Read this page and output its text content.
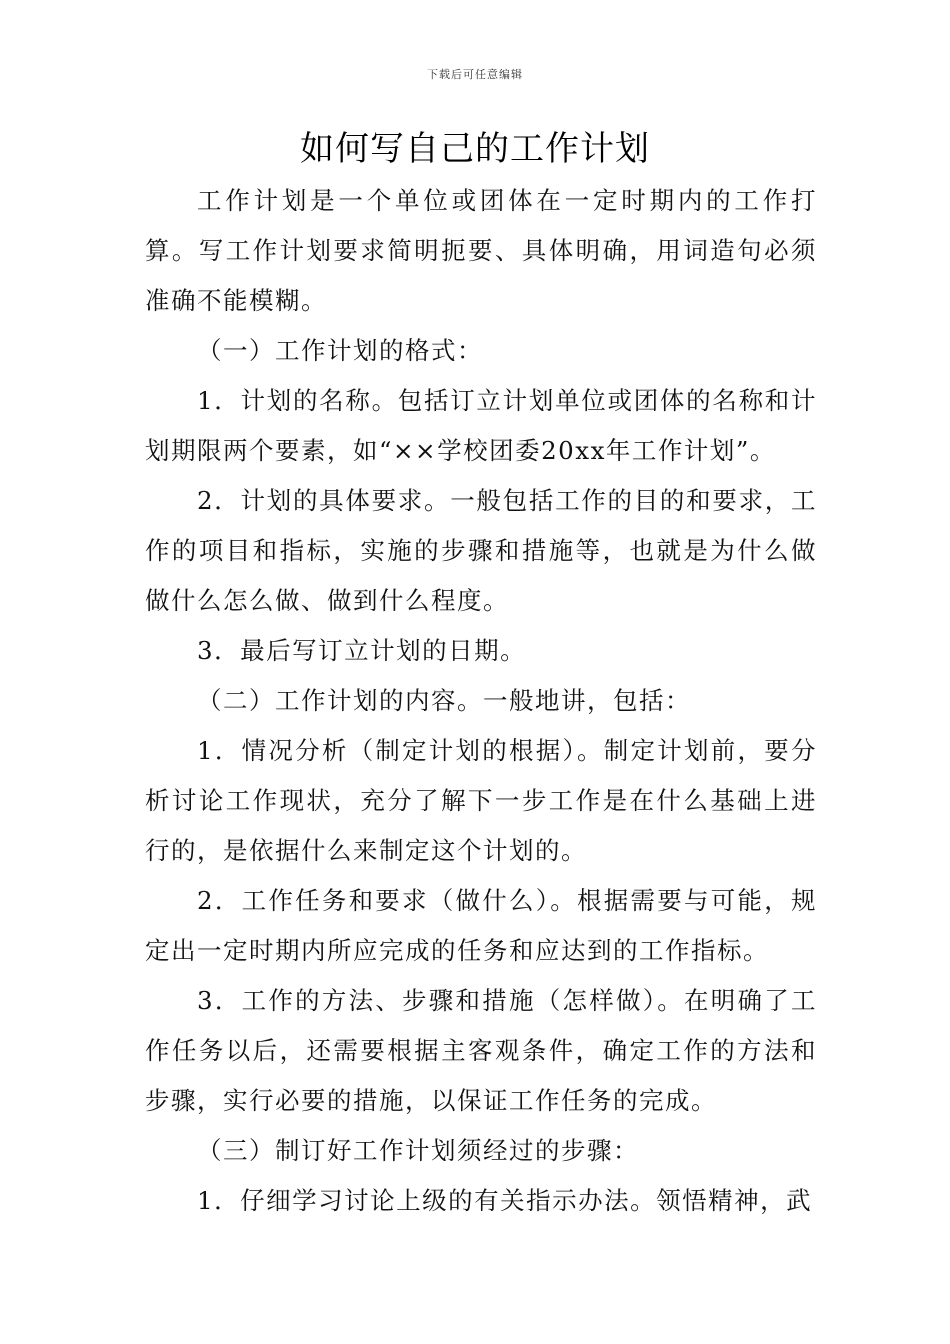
下载后可任意编辑
如何写自己的工作计划

工作计划是一个单位或团体在一定时期内的工作打算。写工作计划要求简明扼要、具体明确，用词造句必须准确不能模糊。

（一）工作计划的格式：

1．计划的名称。包括订立计划单位或团体的名称和计划期限两个要素，如“××学校团委20xx年工作计划”。

2．计划的具体要求。一般包括工作的目的和要求，工作的项目和指标，实施的步骤和措施等，也就是为什么做做什么怎么做、做到什么程度。

3．最后写订立计划的日期。

（二）工作计划的内容。一般地讲，包括：

1．情况分析（制定计划的根据）。制定计划前，要分析讨论工作现状，充分了解下一步工作是在什么基础上进行的，是依据什么来制定这个计划的。

2．工作任务和要求（做什么）。根据需要与可能，规定出一定时期内所应完成的任务和应达到的工作指标。

3．工作的方法、步骤和措施（怎样做）。在明确了工作任务以后，还需要根据主客观条件，确定工作的方法和步骤，实行必要的措施，以保证工作任务的完成。

（三）制订好工作计划须经过的步骤：

1．仔细学习讨论上级的有关指示办法。领悟精神，武
